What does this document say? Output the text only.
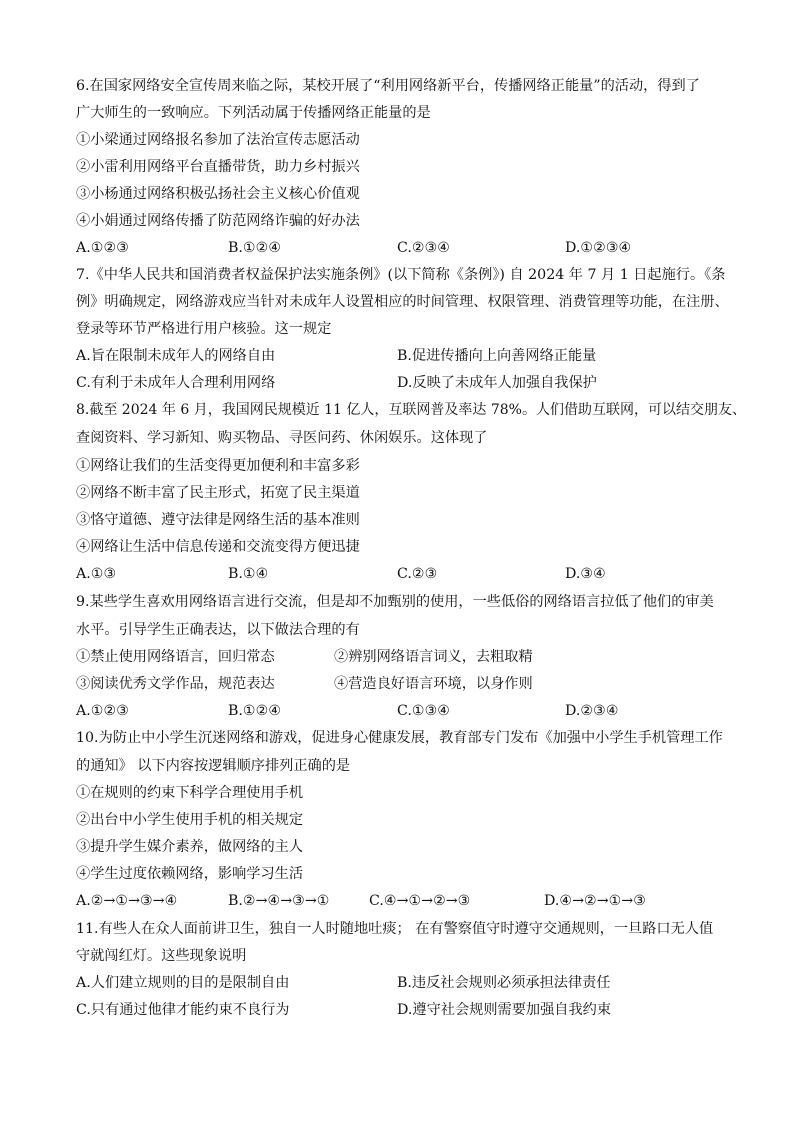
6.在国家网络安全宣传周来临之际，某校开展了“利用网络新平台，传播网络正能量”的活动，得到了
广大师生的一致响应。下列活动属于传播网络正能量的是
①小梁通过网络报名参加了法治宣传志愿活动
②小雷利用网络平台直播带货，助力乡村振兴
③小杨通过网络积极弘扬社会主义核心价值观
④小娟通过网络传播了防范网络诈骗的好办法
A.①②③	B.①②④	C.②③④	D.①②③④
7.《中华人民共和国消费者权益保护法实施条例》(以下简称《条例》) 自 2024 年 7 月 1 日起施行。《条
例》明确规定，网络游戏应当针对未成年人设置相应的时间管理、权限管理、消费管理等功能，在注册、
登录等环节严格进行用户核验。这一规定
A.旨在限制未成年人的网络自由	B.促进传播向上向善网络正能量
C.有利于未成年人合理利用网络	D.反映了未成年人加强自我保护
8.截至 2024 年 6 月，我国网民规模近 11 亿人，互联网普及率达 78%。人们借助互联网，可以结交朋友、
查阅资料、学习新知、购买物品、寻医问药、休闲娱乐。这体现了
①网络让我们的生活变得更加便利和丰富多彩
②网络不断丰富了民主形式，拓宽了民主渠道
③恪守道德、遵守法律是网络生活的基本准则
④网络让生活中信息传递和交流变得方便迅捷
A.①③	B.①④	C.②③	D.③④
9.某些学生喜欢用网络语言进行交流，但是却不加甄别的使用，一些低俗的网络语言拉低了他们的审美
水平。引导学生正确表达，以下做法合理的有
①禁止使用网络语言，回归常态	②辨别网络语言词义，去粗取精
③阅读优秀文学作品，规范表达	④营造良好语言环境，以身作则
A.①②③	B.①②④	C.①③④	D.②③④
10.为防止中小学生沉迷网络和游戏，促进身心健康发展，教育部专门发布《加强中小学生手机管理工作
的通知》 以下内容按逻辑顺序排列正确的是
①在规则的约束下科学合理使用手机
②出台中小学生使用手机的相关规定
③提升学生媒介素养，做网络的主人
④学生过度依赖网络，影响学习生活
A.②→①→③→④	B.②→④→③→①	C.④→①→②→③	D.④→②→①→③
11.有些人在众人面前讲卫生，独自一人时随地吐痰； 在有警察值守时遵守交通规则，一旦路口无人值
守就闯红灯。这些现象说明
A.人们建立规则的目的是限制自由	B.违反社会规则必须承担法律责任
C.只有通过他律才能约束不良行为	D.遵守社会规则需要加强自我约束
